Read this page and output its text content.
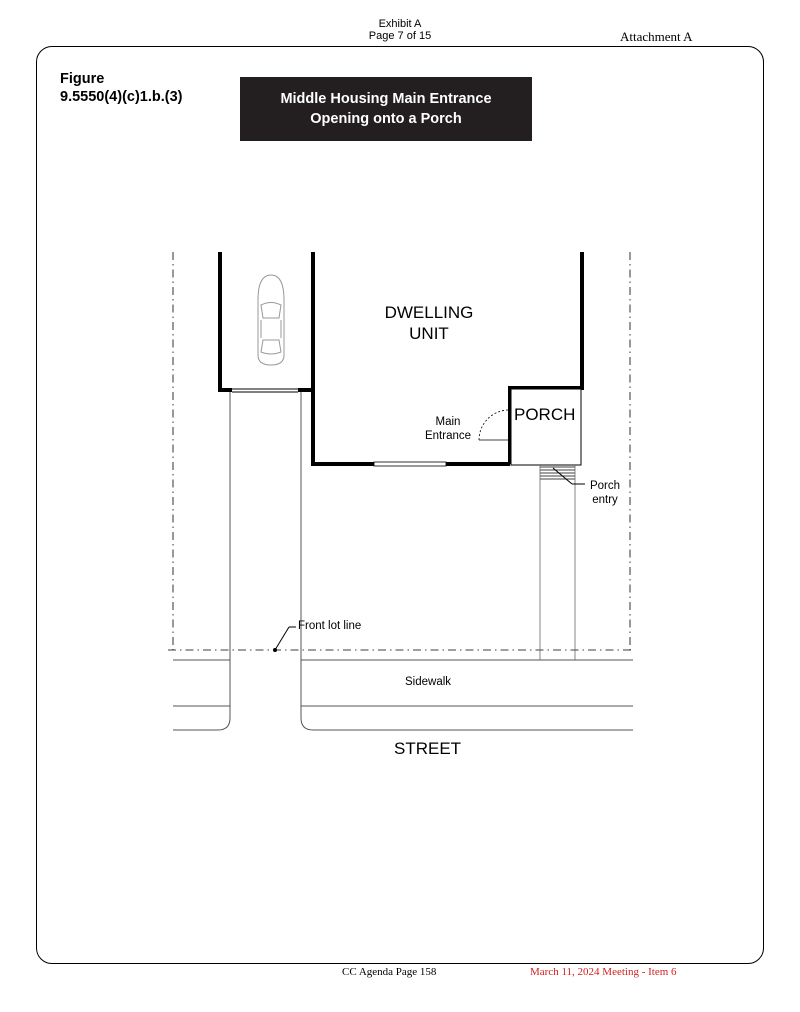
Exhibit A
Page 7 of 15	Attachment A
Figure
9.5550(4)(c)1.b.(3)	Middle Housing Main Entrance
Opening onto a Porch
DWELLING
UNIT
PORCH
Main
Entrance
Porch
entry
Front lot line
Sidewalk
STREET
CC Agenda Page 158	March 11, 2024 Meeting - Item 6
